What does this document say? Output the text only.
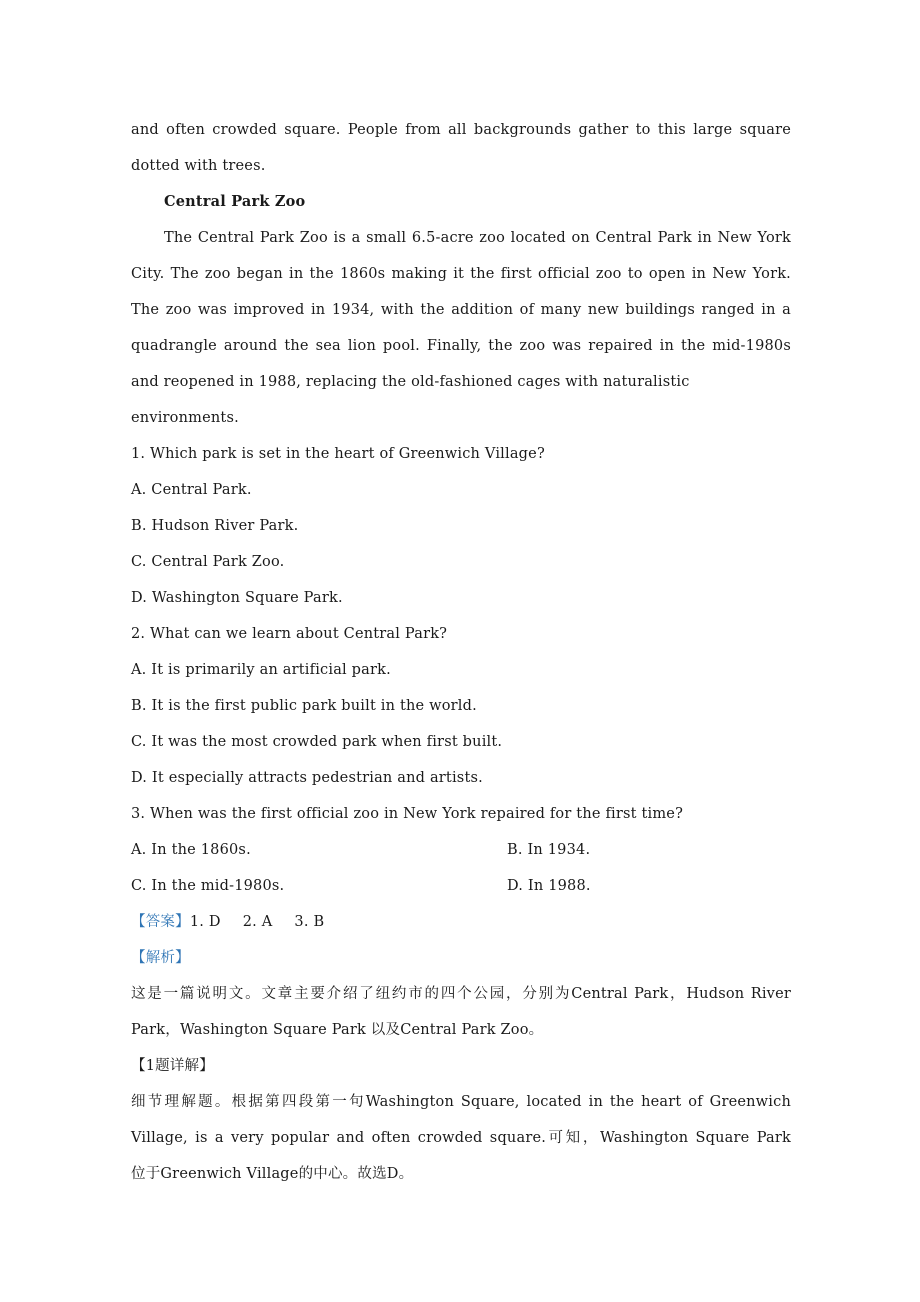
and often crowded square. People from all backgrounds gather to this large square
dotted with trees.
Central Park Zoo
The Central Park Zoo is a small 6.5-acre zoo located on Central Park in New York
City. The zoo began in the 1860s making it the first official zoo to open in New York.
The zoo was improved in 1934, with the addition of many new buildings ranged in a
quadrangle around the sea lion pool. Finally, the zoo was repaired in the mid-1980s
and reopened in 1988, replacing the old-fashioned cages with naturalistic
environments.
1. Which park is set in the heart of Greenwich Village?
A. Central Park.
B. Hudson River Park.
C. Central Park Zoo.
D. Washington Square Park.
2. What can we learn about Central Park?
A. It is primarily an artificial park.
B. It is the first public park built in the world.
C. It was the most crowded park when first built.
D. It especially attracts pedestrian and artists.
3. When was the first official zoo in New York repaired for the first time?
A. In the 1860s.	B. In 1934.
C. In the mid-1980s.	D. In 1988.
【答案】1. D 2. A 3. B
【解析】
这是一篇说明文。文章主要介绍了纽约市的四个公园，分别为Central Park，Hudson River
Park，Washington Square Park 以及Central Park Zoo。
【1题详解】
细节理解题。根据第四段第一句Washington Square, located in the heart of Greenwich
Village, is a very popular and often crowded square.可知，Washington Square Park
位于Greenwich Village的中心。故选D。
